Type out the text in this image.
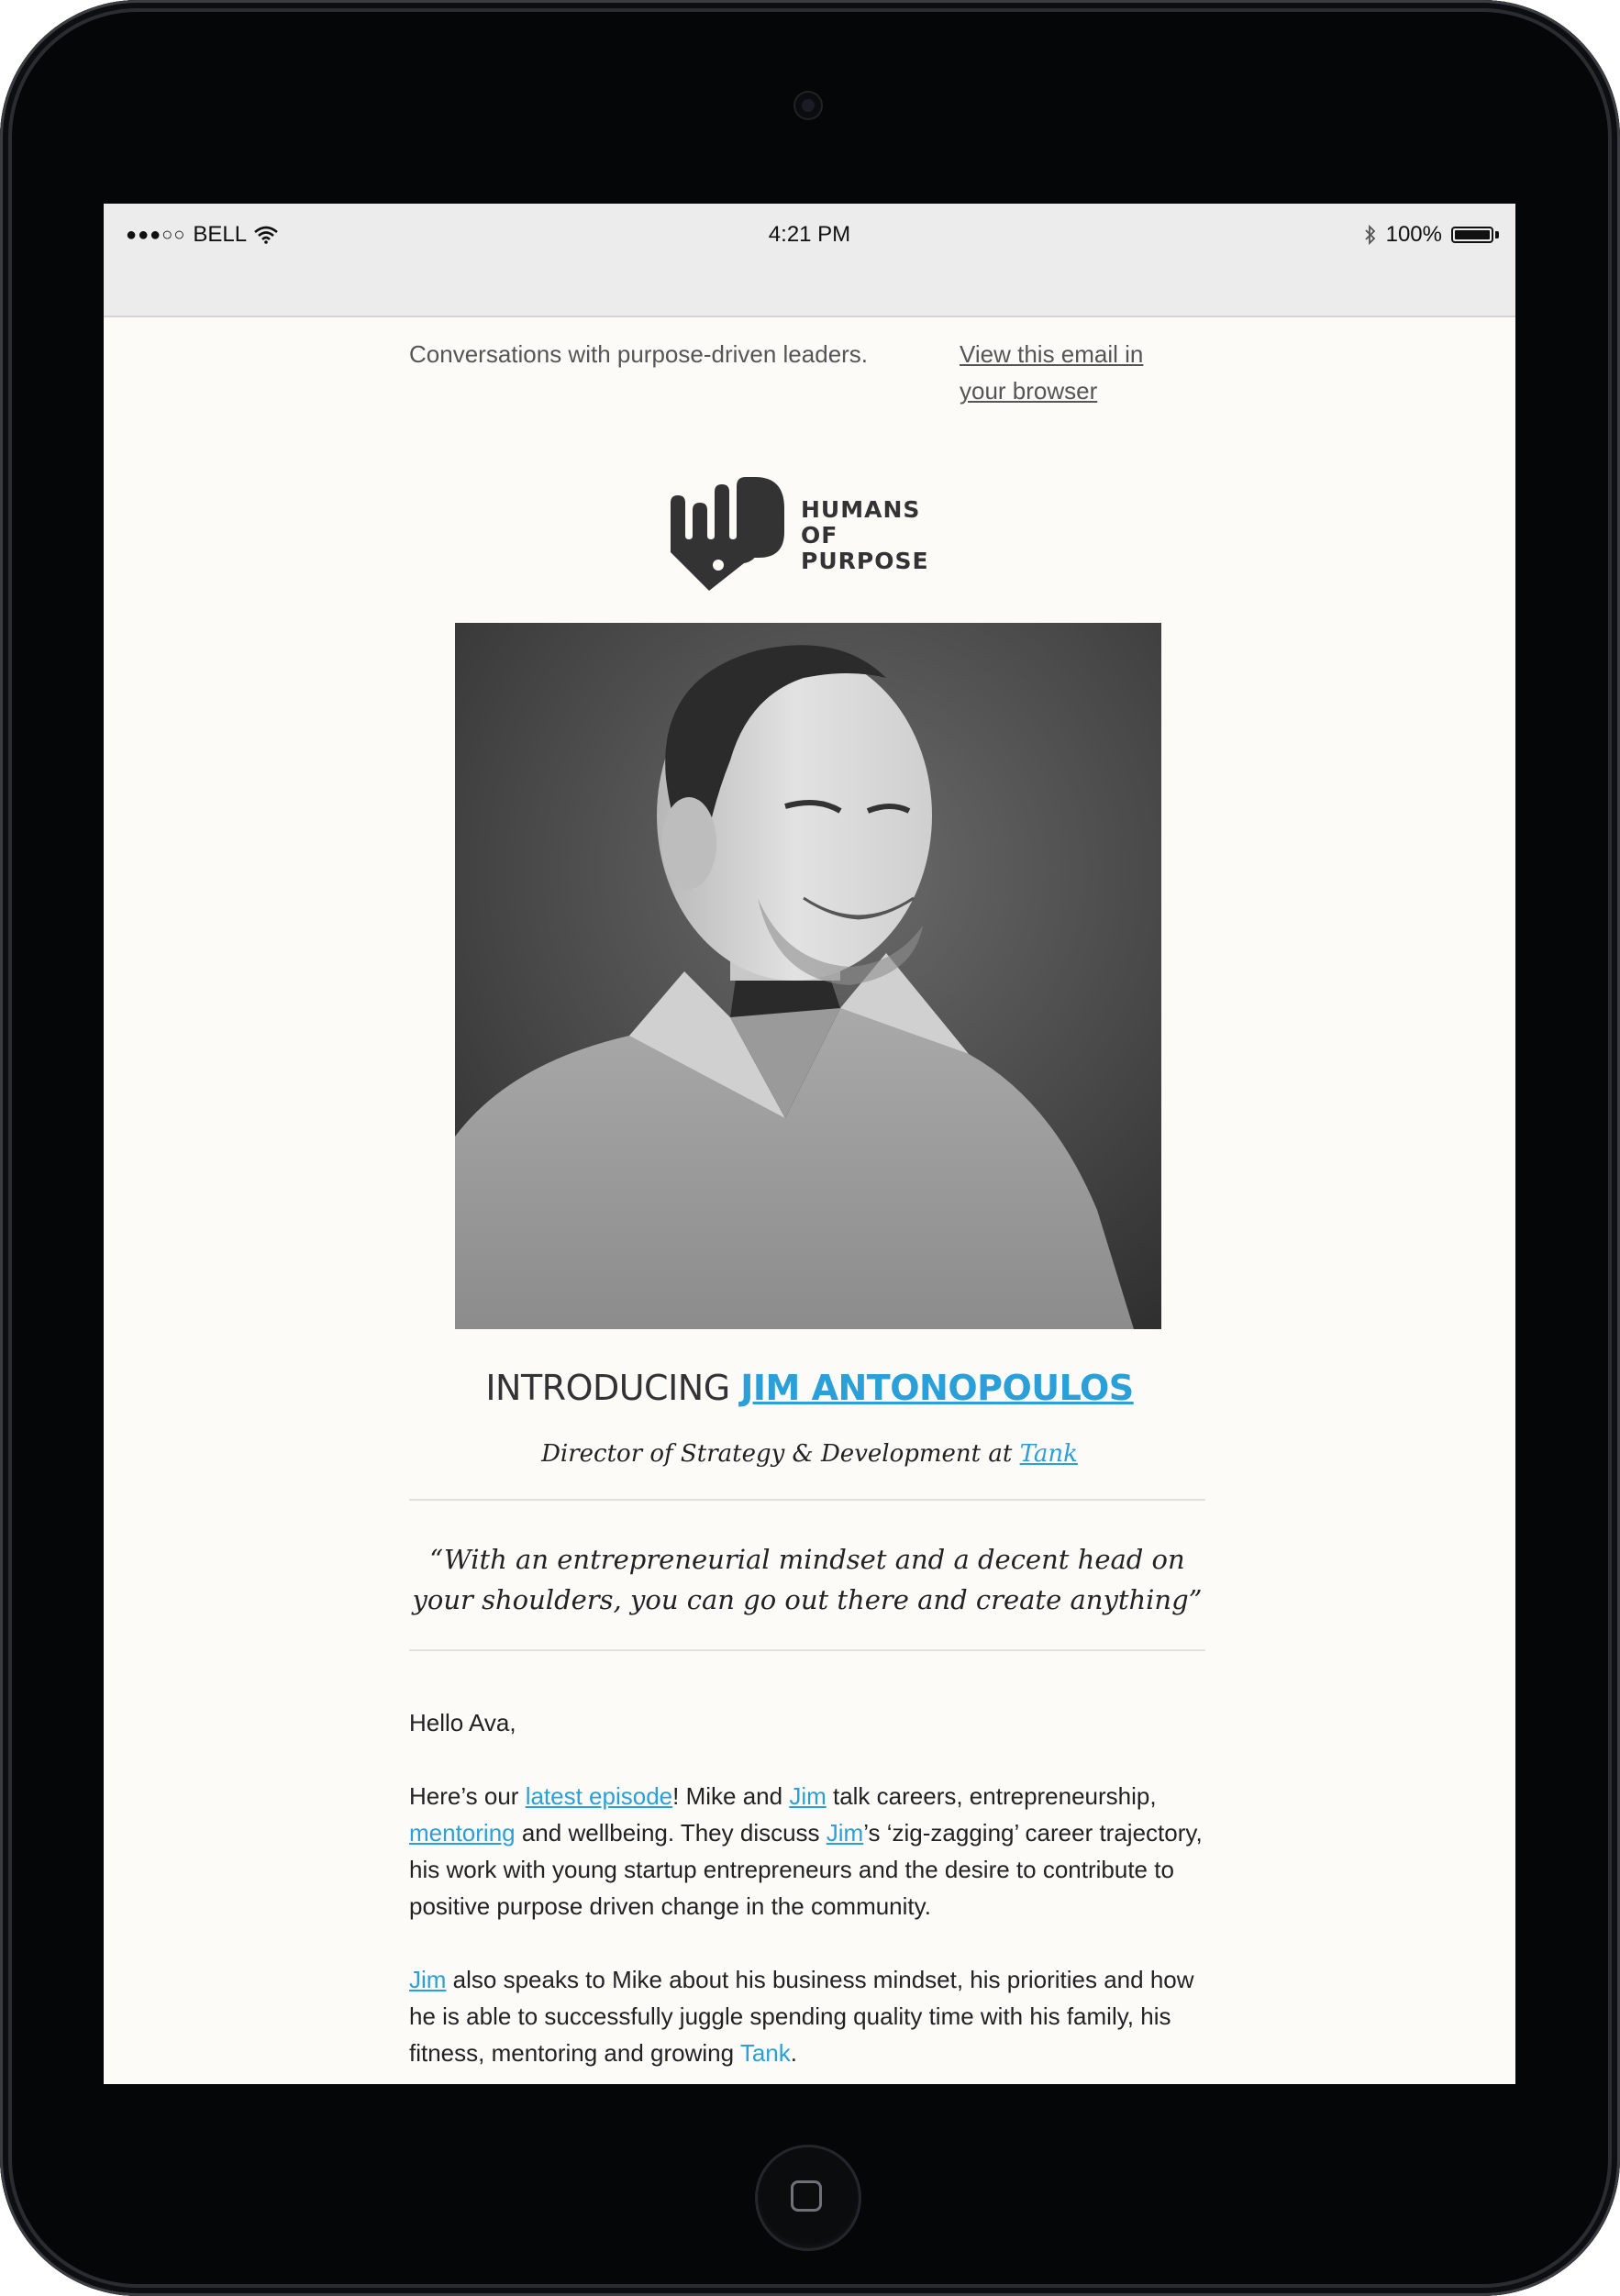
●●●○○ BELL	4:21 PM	100%
Conversations with purpose-driven leaders.	View this email in your browser
HUMANS
OF PURPOSE
INTRODUCING JIM ANTONOPOULOS
Director of Strategy & Development at Tank
“With an entrepreneurial mindset and a decent head on your shoulders, you can go out there and create anything”
Hello Ava,
Here’s our latest episode! Mike and Jim talk careers, entrepreneurship, mentoring and wellbeing. They discuss Jim’s ‘zig-zagging’ career trajectory, his work with young startup entrepreneurs and the desire to contribute to positive purpose driven change in the community.
Jim also speaks to Mike about his business mindset, his priorities and how he is able to successfully juggle spending quality time with his family, his fitness, mentoring and growing Tank.
